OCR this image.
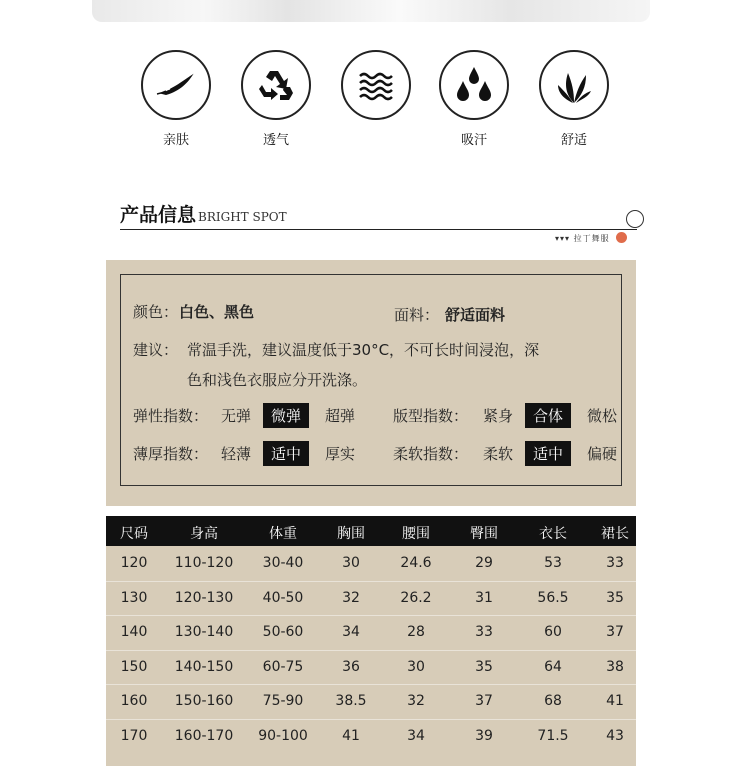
亲肤	透气	吸汗	舒适
产品信息 BRIGHT SPOT
▾▾▾ 拉丁舞服
颜色： 白色、黑色	面料： 舒适面料
建议： 常温手洗，建议温度低于30°C，不可长时间浸泡，深
色和浅色衣服应分开洗涤。
弹性指数： 无弹	微弹	超弹	版型指数： 紧身	合体	微松
薄厚指数： 轻薄	适中	厚实	柔软指数： 柔软	适中	偏硬
尺码	身高	体重	胸围	腰围	臀围	衣长	裙长
120	110-120	30-40	30	24.6	29	53	33
130	120-130	40-50	32	26.2	31	56.5	35
140	130-140	50-60	34	28	33	60	37
150	140-150	60-75	36	30	35	64	38
160	150-160	75-90	38.5	32	37	68	41
170	160-170	90-100	41	34	39	71.5	43
